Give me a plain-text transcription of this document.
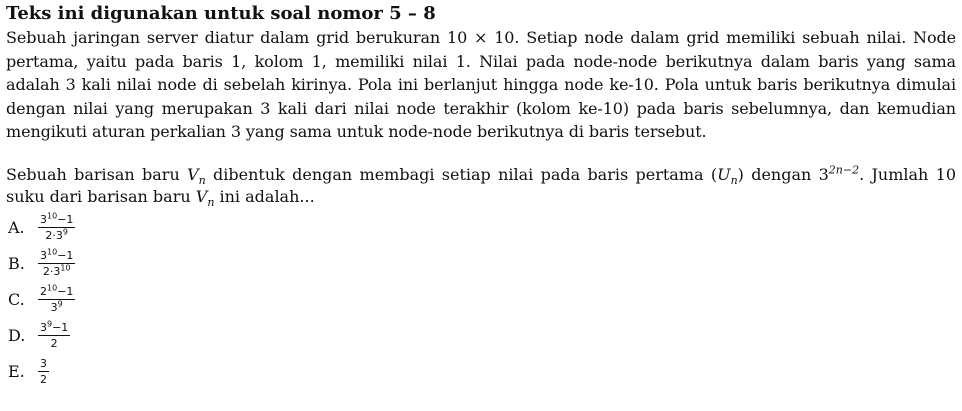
Teks ini digunakan untuk soal nomor 5 – 8

Sebuah jaringan server diatur dalam grid berukuran 10 × 10. Setiap node dalam grid memiliki sebuah nilai. Node pertama, yaitu pada baris 1, kolom 1, memiliki nilai 1. Nilai pada node-node berikutnya dalam baris yang sama adalah 3 kali nilai node di sebelah kirinya. Pola ini berlanjut hingga node ke-10. Pola untuk baris berikutnya dimulai dengan nilai yang merupakan 3 kali dari nilai node terakhir (kolom ke-10) pada baris sebelumnya, dan kemudian mengikuti aturan perkalian 3 yang sama untuk node-node berikutnya di baris tersebut.

Sebuah barisan baru $V_n$ dibentuk dengan membagi setiap nilai pada baris pertama $(U_n)$ dengan $3^{2n-2}$. Jumlah 10 suku dari barisan baru $V_n$ ini adalah...

A.	$\frac{3^{10}-1}{2\cdot 3^9}$
B.	$\frac{3^{10}-1}{2\cdot 3^{10}}$
C.	$\frac{2^{10}-1}{3^9}$
D.	$\frac{3^9-1}{2}$
E.	$\frac{3}{2}$
